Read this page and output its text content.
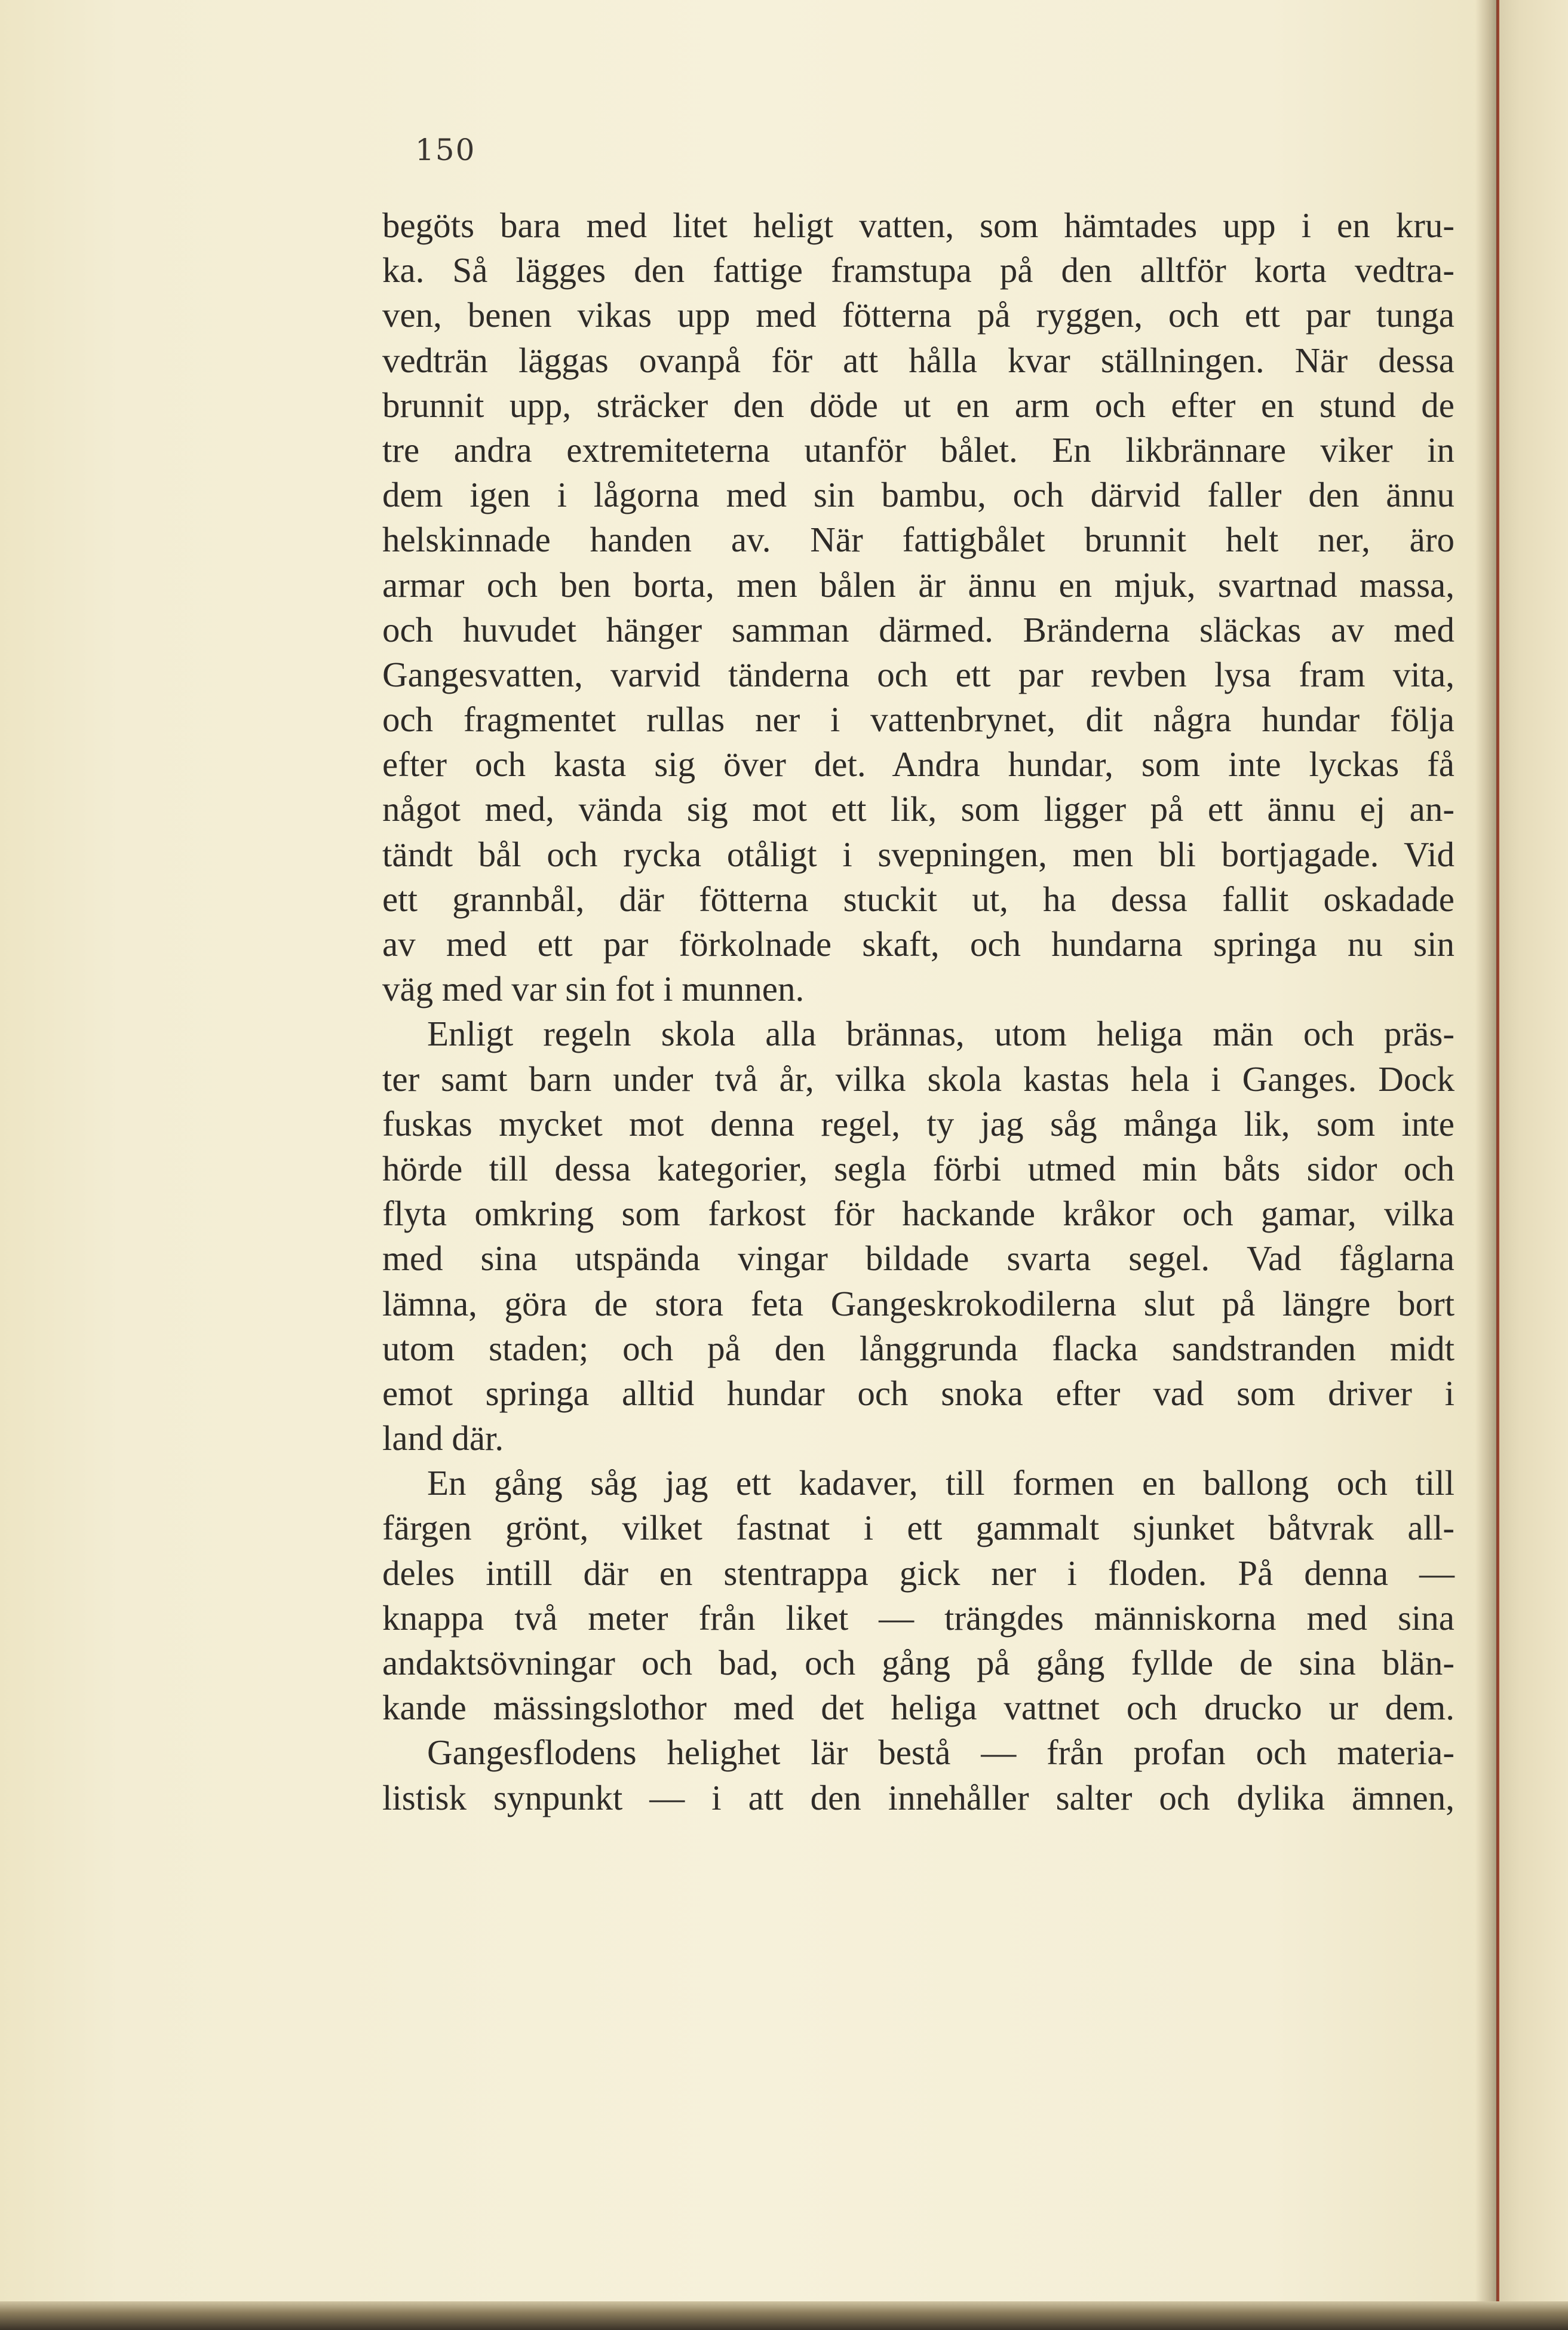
150
begöts bara med litet heligt vatten, som hämtades upp i en kru-
ka. Så lägges den fattige framstupa på den alltför korta vedtra-
ven, benen vikas upp med fötterna på ryggen, och ett par tunga
vedträn läggas ovanpå för att hålla kvar ställningen. När dessa
brunnit upp, sträcker den döde ut en arm och efter en stund de
tre andra extremiteterna utanför bålet. En likbrännare viker in
dem igen i lågorna med sin bambu, och därvid faller den ännu
helskinnade handen av. När fattigbålet brunnit helt ner, äro
armar och ben borta, men bålen är ännu en mjuk, svartnad massa,
och huvudet hänger samman därmed. Bränderna släckas av med
Gangesvatten, varvid tänderna och ett par revben lysa fram vita,
och fragmentet rullas ner i vattenbrynet, dit några hundar följa
efter och kasta sig över det. Andra hundar, som inte lyckas få
något med, vända sig mot ett lik, som ligger på ett ännu ej an-
tändt bål och rycka otåligt i svepningen, men bli bortjagade. Vid
ett grannbål, där fötterna stuckit ut, ha dessa fallit oskadade
av med ett par förkolnade skaft, och hundarna springa nu sin
väg med var sin fot i munnen.
Enligt regeln skola alla brännas, utom heliga män och präs-
ter samt barn under två år, vilka skola kastas hela i Ganges. Dock
fuskas mycket mot denna regel, ty jag såg många lik, som inte
hörde till dessa kategorier, segla förbi utmed min båts sidor och
flyta omkring som farkost för hackande kråkor och gamar, vilka
med sina utspända vingar bildade svarta segel. Vad fåglarna
lämna, göra de stora feta Gangeskrokodilerna slut på längre bort
utom staden; och på den långgrunda flacka sandstranden midt
emot springa alltid hundar och snoka efter vad som driver i
land där.
En gång såg jag ett kadaver, till formen en ballong och till
färgen grönt, vilket fastnat i ett gammalt sjunket båtvrak all-
deles intill där en stentrappa gick ner i floden. På denna —
knappa två meter från liket — trängdes människorna med sina
andaktsövningar och bad, och gång på gång fyllde de sina blän-
kande mässingslothor med det heliga vattnet och drucko ur dem.
Gangesflodens helighet lär bestå — från profan och materia-
listisk synpunkt — i att den innehåller salter och dylika ämnen,
